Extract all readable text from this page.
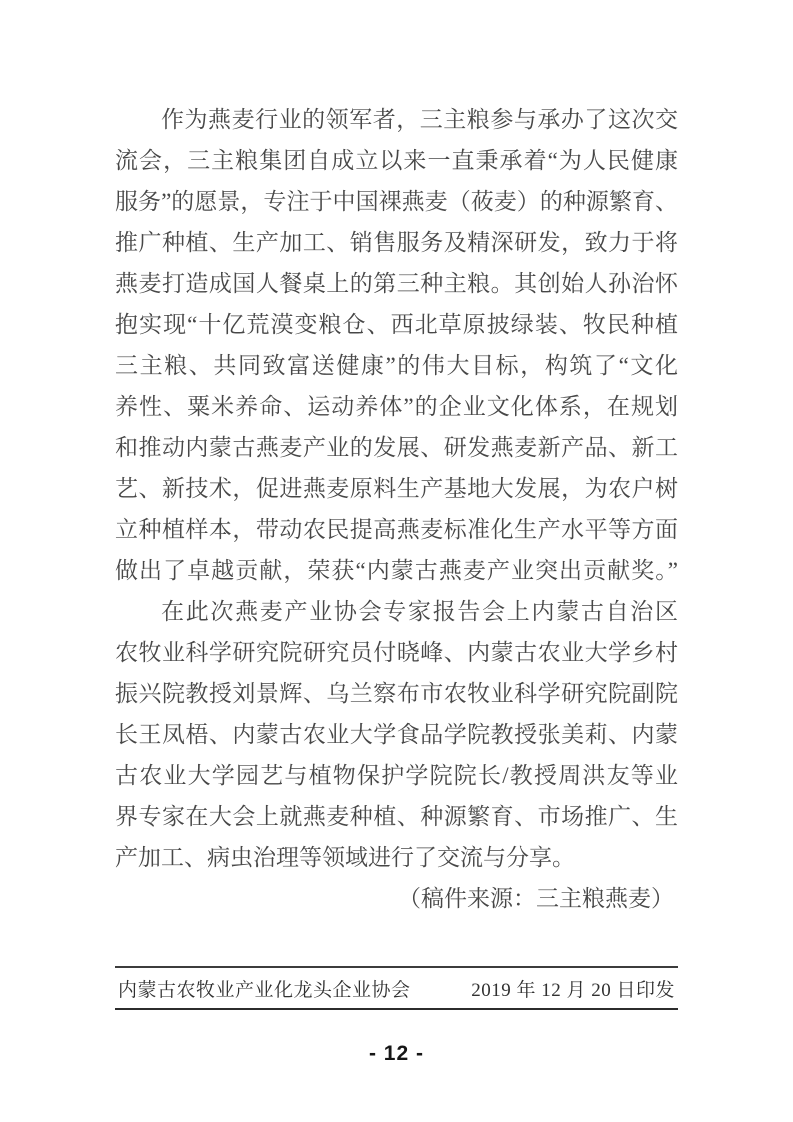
作为燕麦行业的领军者，三主粮参与承办了这次交
流会，三主粮集团自成立以来一直秉承着“为人民健康
服务”的愿景，专注于中国裸燕麦（莜麦）的种源繁育、
推广种植、生产加工、销售服务及精深研发，致力于将
燕麦打造成国人餐桌上的第三种主粮。其创始人孙治怀
抱实现“十亿荒漠变粮仓、西北草原披绿装、牧民种植
三主粮、共同致富送健康”的伟大目标，构筑了“文化
养性、粟米养命、运动养体”的企业文化体系，在规划
和推动内蒙古燕麦产业的发展、研发燕麦新产品、新工
艺、新技术，促进燕麦原料生产基地大发展，为农户树
立种植样本，带动农民提高燕麦标准化生产水平等方面
做出了卓越贡献，荣获“内蒙古燕麦产业突出贡献奖。”
在此次燕麦产业协会专家报告会上内蒙古自治区
农牧业科学研究院研究员付晓峰、内蒙古农业大学乡村
振兴院教授刘景辉、乌兰察布市农牧业科学研究院副院
长王凤梧、内蒙古农业大学食品学院教授张美莉、内蒙
古农业大学园艺与植物保护学院院长/教授周洪友等业
界专家在大会上就燕麦种植、种源繁育、市场推广、生
产加工、病虫治理等领域进行了交流与分享。
（稿件来源：三主粮燕麦）
内蒙古农牧业产业化龙头企业协会	2019 年 12 月 20 日印发
- 12 -
